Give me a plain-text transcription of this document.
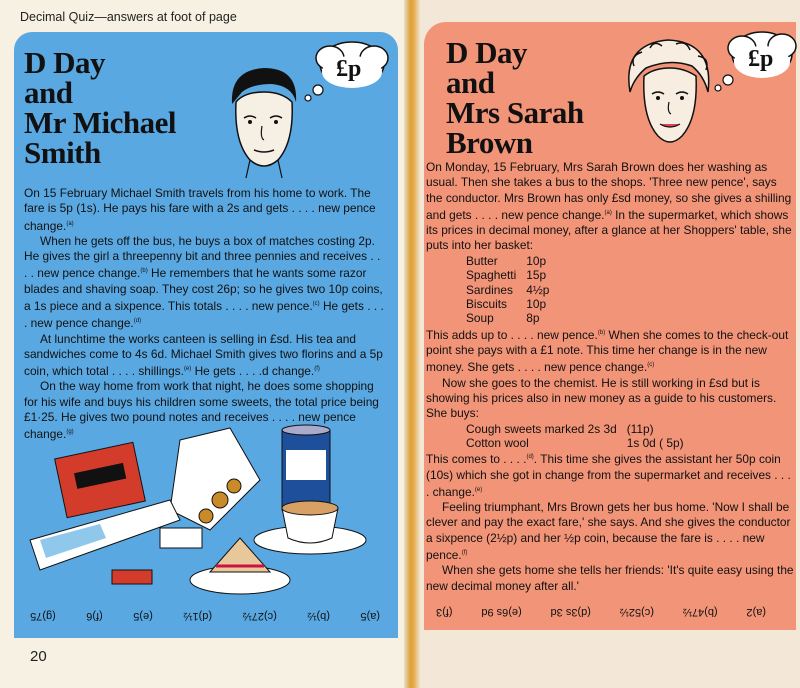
Decimal Quiz—answers at foot of page
20
D Day
and
Mr Michael
Smith
£p

On 15 February Michael Smith travels from his home to work. The fare is 5p (1s). He pays his fare with a 2s and gets . . . . new pence change.$^{(a)}$

When he gets off the bus, he buys a box of matches costing 2p. He gives the girl a threepenny bit and three pennies and receives . . . . new pence change.$^{(b)}$ He remembers that he wants some razor blades and shaving soap. They cost 26p; so he gives two 10p coins, a 1s piece and a sixpence. This totals . . . . new pence.$^{(c)}$ He gets . . . . new pence change.$^{(d)}$

At lunchtime the works canteen is selling in £sd. His tea and sandwiches come to 4s 6d. Michael Smith gives two florins and a 5p coin, which total . . . . shillings.$^{(e)}$ He gets . . . .d change.$^{(f)}$

On the way home from work that night, he does some shopping for his wife and buys his children some sweets, the total price being £1·25. He gives two pound notes and receives . . . . new pence change.$^{(g)}$

(a)5
(b)½
(c)27½
(d)1½
(e)5
(f)6
(g)75
D Day
and
Mrs Sarah
Brown
£p

On Monday, 15 February, Mrs Sarah Brown does her washing as usual. Then she takes a bus to the shops. 'Three new pence', says the conductor. Mrs Brown has only £sd money, so she gives a shilling and gets . . . . new pence change.$^{(a)}$ In the supermarket, which shows its prices in decimal money, after a glance at her Shoppers' table, she puts into her basket:

Butter	10p
Spaghetti	15p
Sardines	4½p
Biscuits	10p
Soup	8p

This adds up to . . . . new pence.$^{(b)}$ When she comes to the check-out point she pays with a £1 note. This time her change is in the new money. She gets . . . . new pence change.$^{(c)}$

Now she goes to the chemist. He is still working in £sd but is showing his prices also in new money as a guide to his customers. She buys:

Cough sweets marked 2s 3d	(11p)
Cotton wool	1s 0d ( 5p)

This comes to . . . .$^{(d)}$. This time she gives the assistant her 50p coin (10s) which she got in change from the supermarket and receives . . . . change.$^{(e)}$

Feeling triumphant, Mrs Brown gets her bus home. 'Now I shall be clever and pay the exact fare,' she says. And she gives the conductor a sixpence (2½p) and her ½p coin, because the fare is . . . . new pence.$^{(f)}$

When she gets home she tells her friends: 'It's quite easy using the new decimal money after all.'

(a)2
(b)47½
(c)52½
(d)3s 3d
(e)6s 9d
(f)3
